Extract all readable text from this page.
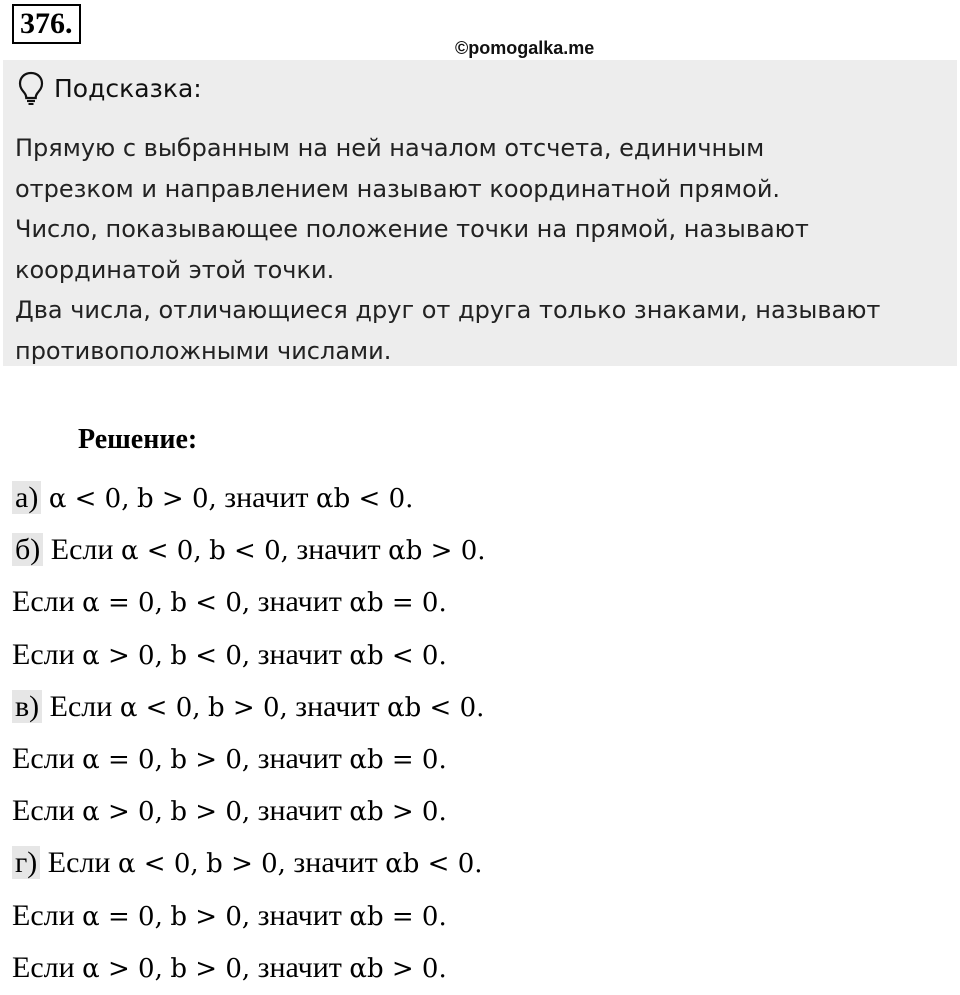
376.
©pomogalka.me
Подсказка:
Прямую с выбранным на ней началом отсчета, единичным
отрезком и направлением называют координатной прямой.
Число, показывающее положение точки на прямой, называют
координатой этой точки.
Два числа, отличающиеся друг от друга только знаками, называют
противоположными числами.
Решение:
а) α < 0, b > 0, значит αb < 0.
б) Если α < 0, b < 0, значит αb > 0.
Если α = 0, b < 0, значит αb = 0.
Если α > 0, b < 0, значит αb < 0.
в) Если α < 0, b > 0, значит αb < 0.
Если α = 0, b > 0, значит αb = 0.
Если α > 0, b > 0, значит αb > 0.
г) Если α < 0, b > 0, значит αb < 0.
Если α = 0, b > 0, значит αb = 0.
Если α > 0, b > 0, значит αb > 0.
